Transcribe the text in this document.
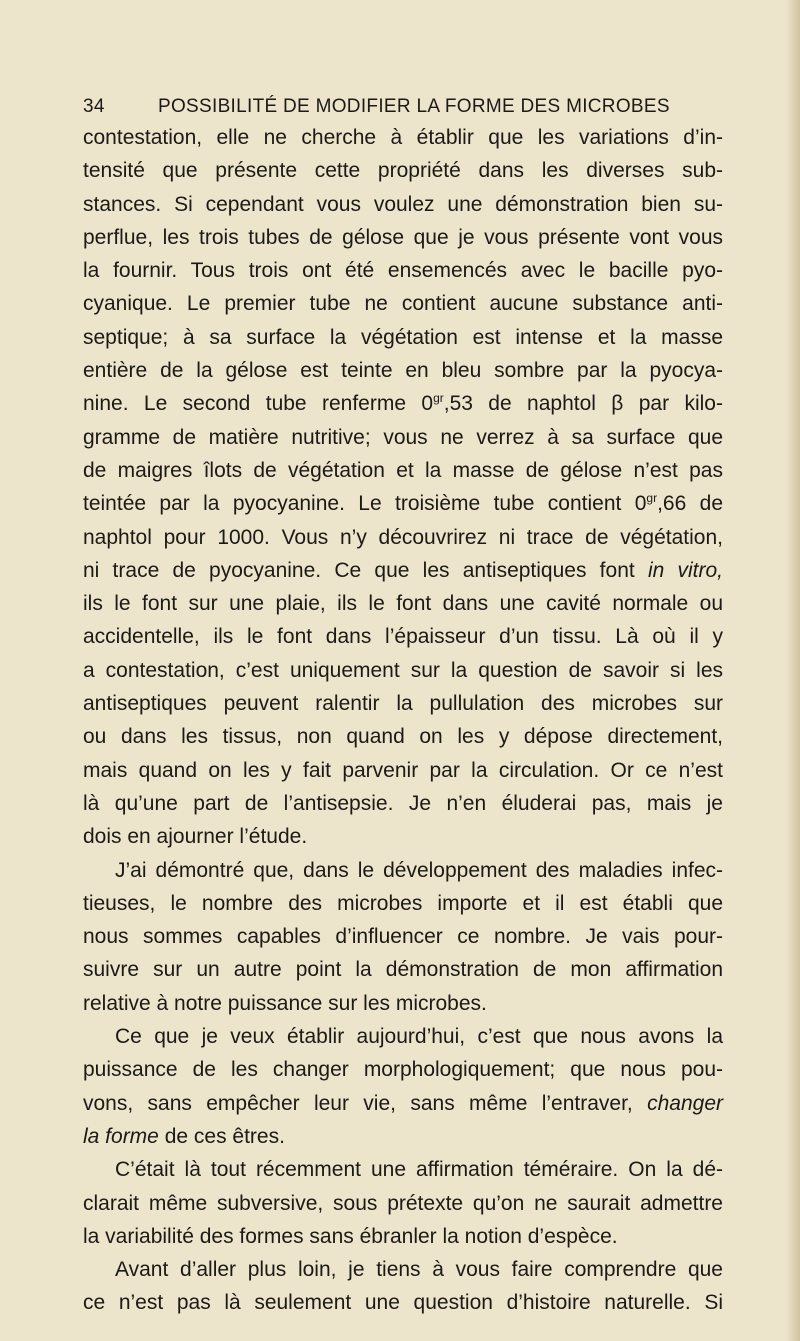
34	POSSIBILITÉ DE MODIFIER LA FORME DES MICROBES
contestation, elle ne cherche à établir que les variations d’in-
tensité que présente cette propriété dans les diverses sub-
stances. Si cependant vous voulez une démonstration bien su-
perflue, les trois tubes de gélose que je vous présente vont vous
la fournir. Tous trois ont été ensemencés avec le bacille pyo-
cyanique. Le premier tube ne contient aucune substance anti-
septique; à sa surface la végétation est intense et la masse
entière de la gélose est teinte en bleu sombre par la pyocya-
nine. Le second tube renferme $0^{gr},53$ de naphtol β par kilo-
gramme de matière nutritive; vous ne verrez à sa surface que
de maigres îlots de végétation et la masse de gélose n’est pas
teintée par la pyocyanine. Le troisième tube contient $0^{gr},66$ de
naphtol pour 1000. Vous n’y découvrirez ni trace de végétation,
ni trace de pyocyanine. Ce que les antiseptiques font in vitro,
ils le font sur une plaie, ils le font dans une cavité normale ou
accidentelle, ils le font dans l’épaisseur d’un tissu. Là où il y
a contestation, c’est uniquement sur la question de savoir si les
antiseptiques peuvent ralentir la pullulation des microbes sur
ou dans les tissus, non quand on les y dépose directement,
mais quand on les y fait parvenir par la circulation. Or ce n’est
là qu’une part de l’antisepsie. Je n’en éluderai pas, mais je
dois en ajourner l’étude.
J’ai démontré que, dans le développement des maladies infec-
tieuses, le nombre des microbes importe et il est établi que
nous sommes capables d’influencer ce nombre. Je vais pour-
suivre sur un autre point la démonstration de mon affirmation
relative à notre puissance sur les microbes.
Ce que je veux établir aujourd’hui, c’est que nous avons la
puissance de les changer morphologiquement; que nous pou-
vons, sans empêcher leur vie, sans même l’entraver, changer
la forme de ces êtres.
C’était là tout récemment une affirmation téméraire. On la dé-
clarait même subversive, sous prétexte qu’on ne saurait admettre
la variabilité des formes sans ébranler la notion d’espèce.
Avant d’aller plus loin, je tiens à vous faire comprendre que
ce n’est pas là seulement une question d’histoire naturelle. Si
